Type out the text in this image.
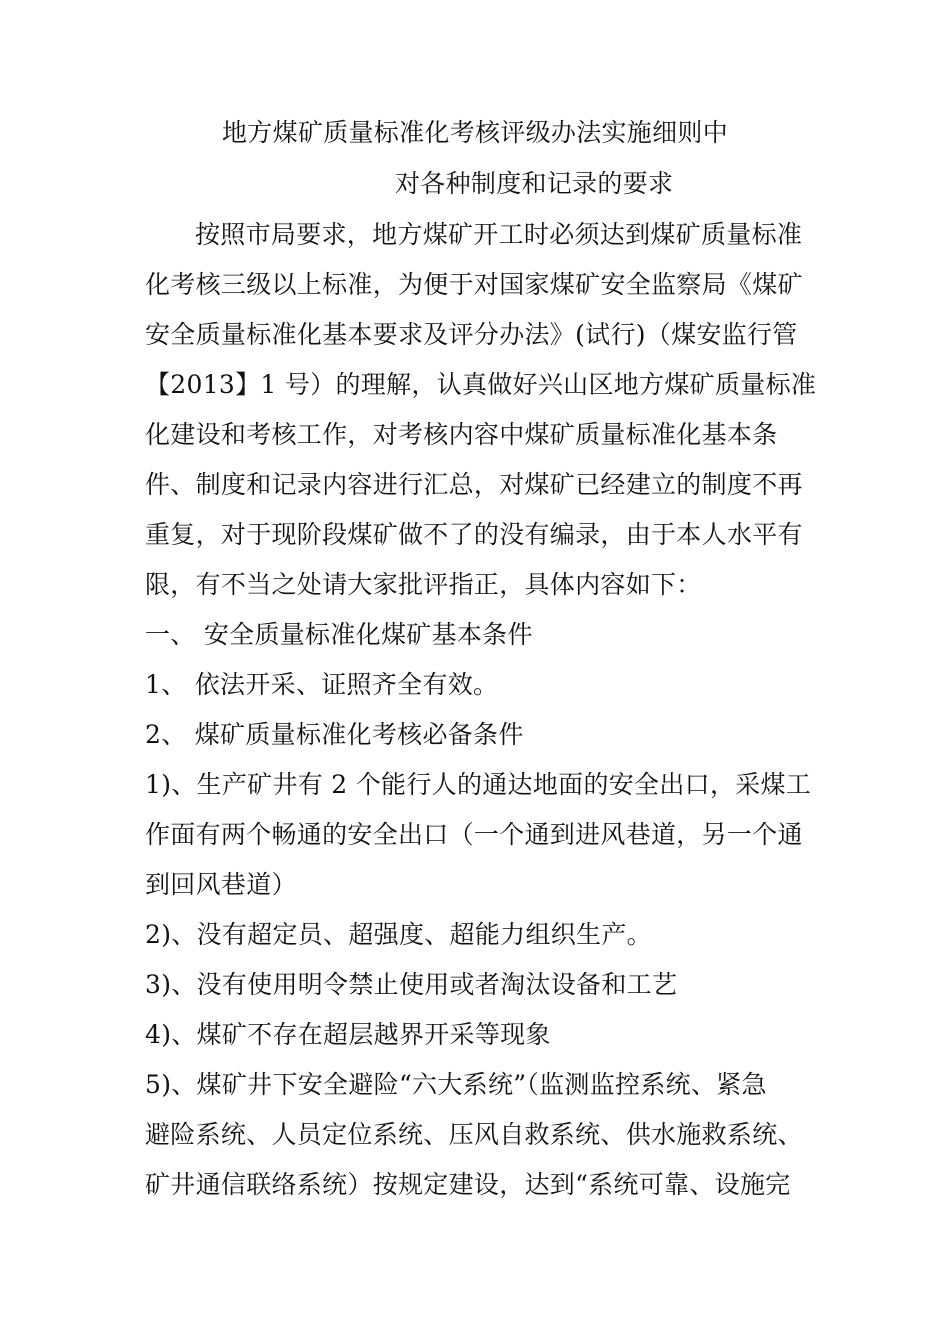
地方煤矿质量标准化考核评级办法实施细则中
对各种制度和记录的要求
按照市局要求，地方煤矿开工时必须达到煤矿质量标准
化考核三级以上标准，为便于对国家煤矿安全监察局《煤矿
安全质量标准化基本要求及评分办法》(试行)（煤安监行管
【2013】1 号）的理解，认真做好兴山区地方煤矿质量标准
化建设和考核工作，对考核内容中煤矿质量标准化基本条
件、制度和记录内容进行汇总，对煤矿已经建立的制度不再
重复，对于现阶段煤矿做不了的没有编录，由于本人水平有
限，有不当之处请大家批评指正，具体内容如下：
一、 安全质量标准化煤矿基本条件
1、 依法开采、证照齐全有效。
2、 煤矿质量标准化考核必备条件
1)、生产矿井有 2 个能行人的通达地面的安全出口，采煤工
作面有两个畅通的安全出口（一个通到进风巷道，另一个通
到回风巷道）
2)、没有超定员、超强度、超能力组织生产。
3)、没有使用明令禁止使用或者淘汰设备和工艺
4)、煤矿不存在超层越界开采等现象
5)、煤矿井下安全避险“六大系统”（监测监控系统、紧急
避险系统、人员定位系统、压风自救系统、供水施救系统、
矿井通信联络系统）按规定建设，达到“系统可靠、设施完
